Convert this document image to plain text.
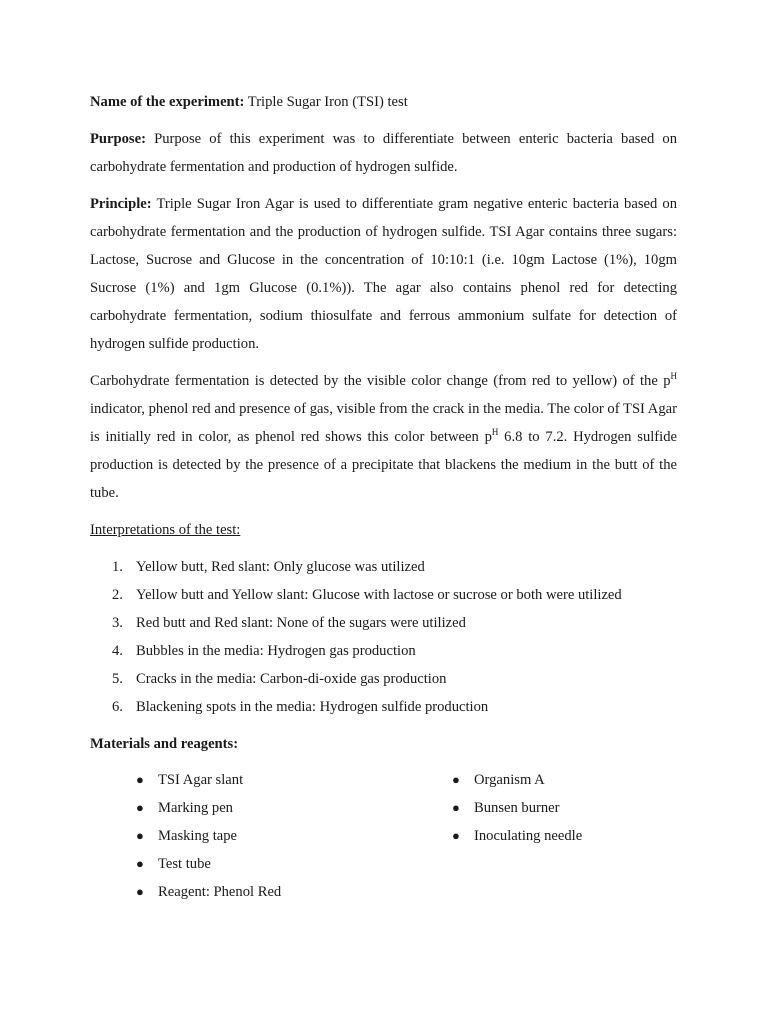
Name of the experiment: Triple Sugar Iron (TSI) test

Purpose: Purpose of this experiment was to differentiate between enteric bacteria based on carbohydrate fermentation and production of hydrogen sulfide.

Principle: Triple Sugar Iron Agar is used to differentiate gram negative enteric bacteria based on carbohydrate fermentation and the production of hydrogen sulfide. TSI Agar contains three sugars: Lactose, Sucrose and Glucose in the concentration of 10:10:1 (i.e. 10gm Lactose (1%), 10gm Sucrose (1%) and 1gm Glucose (0.1%)). The agar also contains phenol red for detecting carbohydrate fermentation, sodium thiosulfate and ferrous ammonium sulfate for detection of hydrogen sulfide production.

Carbohydrate fermentation is detected by the visible color change (from red to yellow) of the $p^H$ indicator, phenol red and presence of gas, visible from the crack in the media. The color of TSI Agar is initially red in color, as phenol red shows this color between $p^H$ 6.8 to 7.2. Hydrogen sulfide production is detected by the presence of a precipitate that blackens the medium in the butt of the tube.

Interpretations of the test:

1. Yellow butt, Red slant: Only glucose was utilized
2. Yellow butt and Yellow slant: Glucose with lactose or sucrose or both were utilized
3. Red butt and Red slant: None of the sugars were utilized
4. Bubbles in the media: Hydrogen gas production
5. Cracks in the media: Carbon-di-oxide gas production
6. Blackening spots in the media: Hydrogen sulfide production

Materials and reagents:

● TSI Agar slant
● Marking pen
● Masking tape
● Test tube
● Reagent: Phenol Red
● Organism A
● Bunsen burner
● Inoculating needle
